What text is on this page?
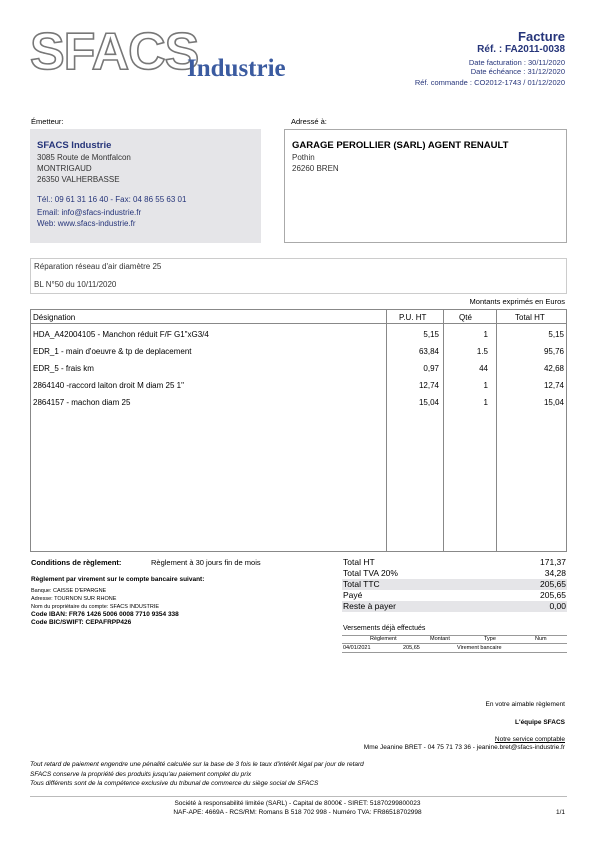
SFACS
Industrie
Facture
Réf. : FA2011-0038
Date facturation : 30/11/2020
Date échéance : 31/12/2020
Réf. commande : CO2012-1743 / 01/12/2020
Émetteur:	Adressé à:
SFACS Industrie
3085 Route de Montfalcon
MONTRIGAUD
26350 VALHERBASSE
Tél.: 09 61 31 16 40 - Fax: 04 86 55 63 01
Email: info@sfacs-industrie.fr
Web: www.sfacs-industrie.fr
GARAGE PEROLLIER (SARL) AGENT RENAULT
Pothin
26260 BREN
Réparation réseau d'air diamètre 25
BL N°50 du 10/11/2020
Montants exprimés en Euros
Désignation	P.U. HT	Qté	Total HT
HDA_A42004105 - Manchon réduit F/F G1"xG3/4	5,15	1	5,15
EDR_1 - main d'oeuvre & tp de deplacement	63,84	1.5	95,76
EDR_5 - frais km	0,97	44	42,68
2864140 -raccord laiton droit M diam 25 1"	12,74	1	12,74
2864157 - machon diam 25	15,04	1	15,04
Conditions de règlement:	Règlement à 30 jours fin de mois
Règlement par virement sur le compte bancaire suivant:
Banque: CAISSE D'EPARGNE
Adresse: TOURNON SUR RHONE
Nom du propriétaire du compte: SFACS INDUSTRIE
Code IBAN: FR76 1426 5006 0008 7710 9354 338
Code BIC/SWIFT: CEPAFRPP426
Total HT	171,37
Total TVA 20%	34,28
Total TTC	205,65
Payé	205,65
Reste à payer	0,00
Versements déjà effectués
Règlement	Montant	Type	Num
04/01/2021	205,65	Virement bancaire
En votre aimable règlement
L'équipe SFACS
Notre service comptable
Mme Jeanine BRET - 04 75 71 73 36 - jeanine.bret@sfacs-industrie.fr
Tout retard de paiement engendre une pénalité calculée sur la base de 3 fois le taux d'intérêt légal par jour de retard
SFACS conserve la propriété des produits jusqu'au paiement complet du prix
Tous différents sont de la compétence exclusive du tribunal de commerce du siège social de SFACS
Société à responsabilité limitée (SARL) - Capital de 8000€ - SIRET: 51870299800023
NAF-APE: 4669A - RCS/RM: Romans B 518 702 998 - Numéro TVA: FR86518702998	1/1
